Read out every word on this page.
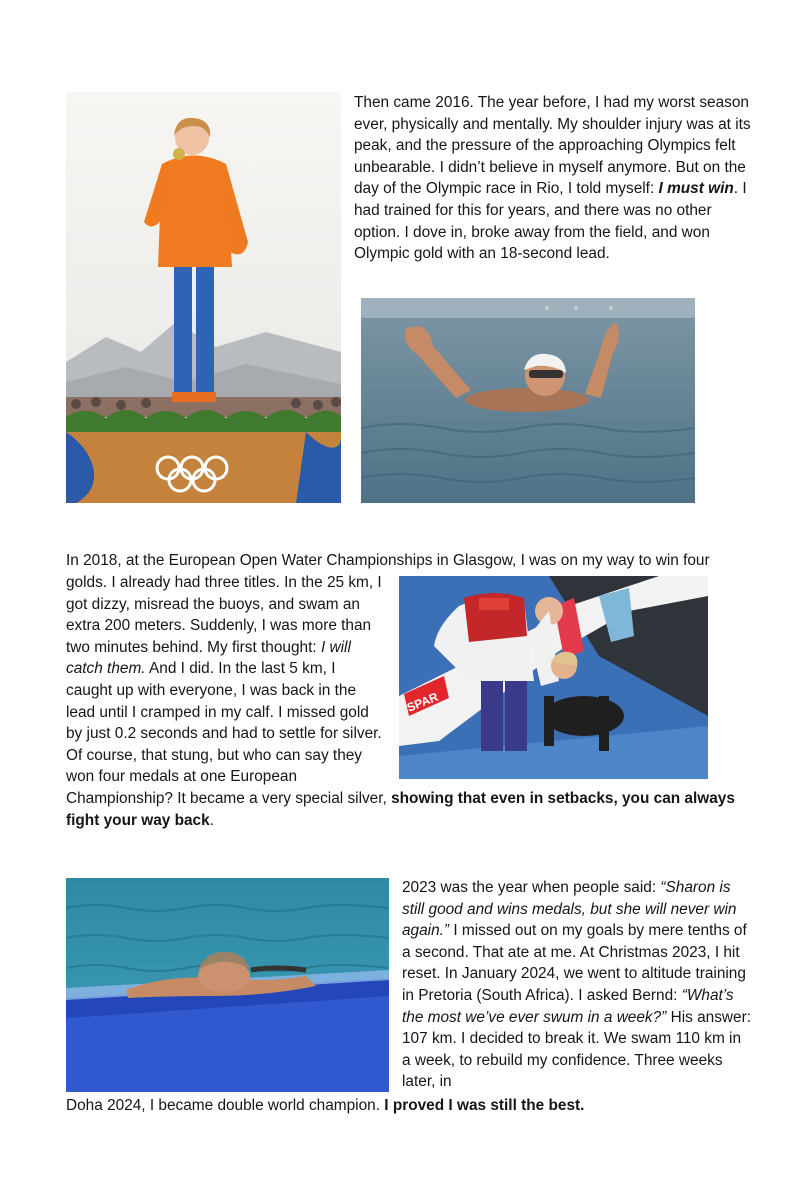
Then came 2016. The year before, I had my worst season ever, physically and mentally. My shoulder injury was at its peak, and the pressure of the approaching Olympics felt unbearable. I didn’t believe in myself anymore. But on the day of the Olympic race in Rio, I told myself: I must win. I had trained for this for years, and there was no other option. I dove in, broke away from the field, and won Olympic gold with an 18-second lead.

In 2018, at the European Open Water Championships in Glasgow, I was on my way to win four

golds. I already had three titles. In the 25 km, I got dizzy, misread the buoys, and swam an extra 200 meters. Suddenly, I was more than two minutes behind. My first thought: I will catch them. And I did. In the last 5 km, I caught up with everyone, I was back in the lead until I cramped in my calf. I missed gold by just 0.2 seconds and had to settle for silver. Of course, that stung, but who can say they won four medals at one European

Championship? It became a very special silver, showing that even in setbacks, you can always
fight your way back.

SPAR

2023 was the year when people said: “Sharon is still good and wins medals, but she will never win again.” I missed out on my goals by mere tenths of a second. That ate at me. At Christmas 2023, I hit reset. In January 2024, we went to altitude training in Pretoria (South Africa). I asked Bernd: “What’s the most we’ve ever swum in a week?” His answer: 107 km. I decided to break it. We swam 110 km in a week, to rebuild my confidence. Three weeks later, in

Doha 2024, I became double world champion. I proved I was still the best.
